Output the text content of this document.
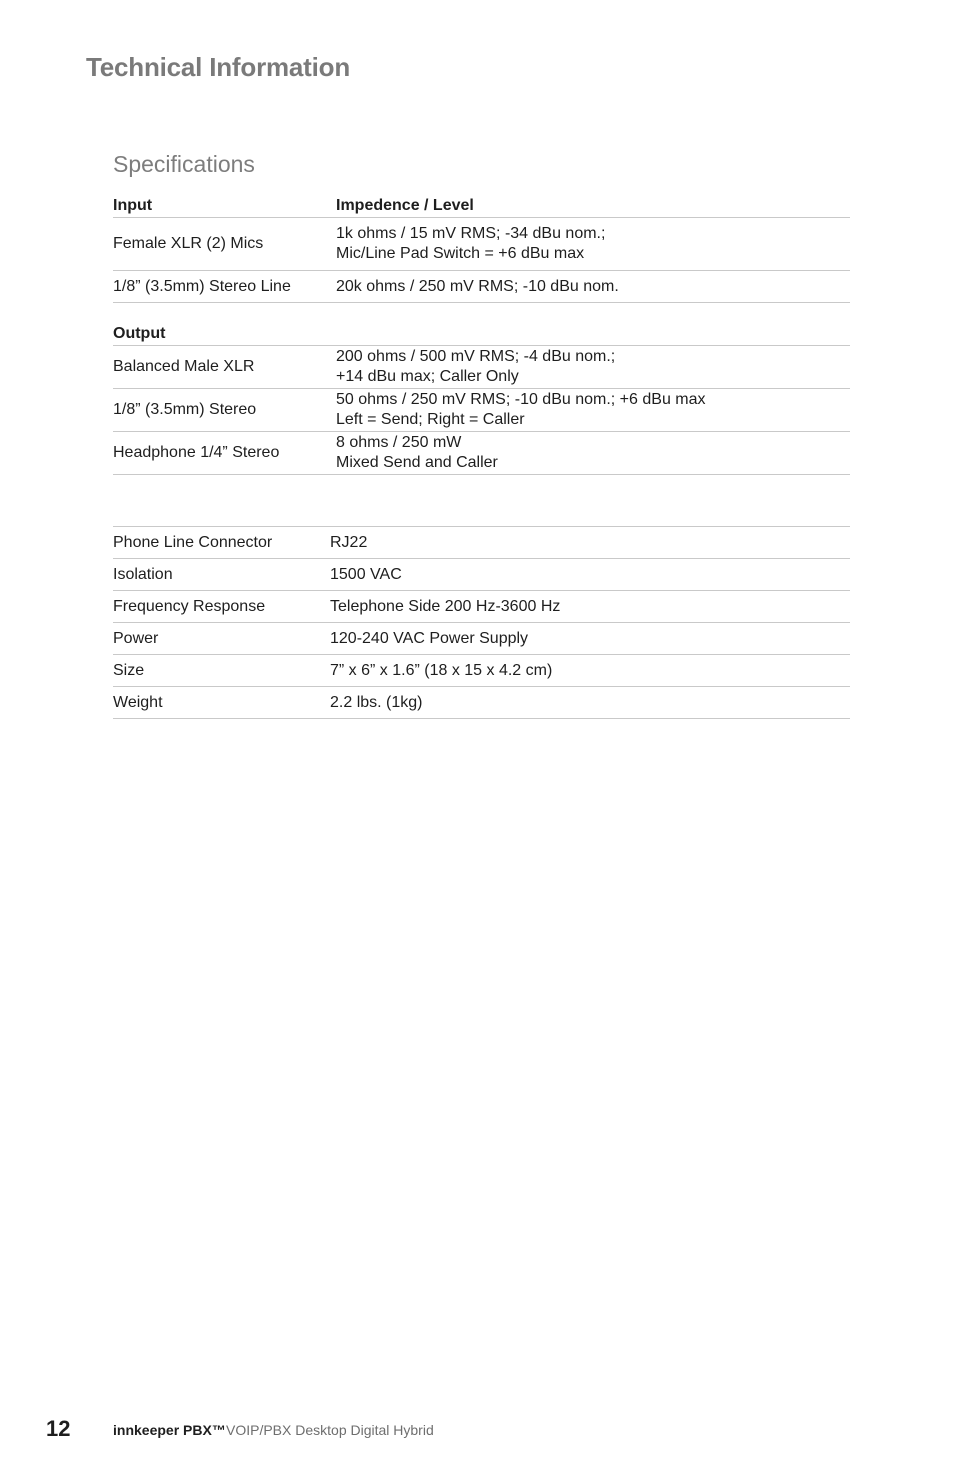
Technical Information
Specifications
Input	Impedence / Level
Female XLR (2) Mics	1k ohms / 15 mV RMS; -34 dBu nom.;
Mic/Line Pad Switch = +6 dBu max

1/8” (3.5mm) Stereo Line	20k ohms / 250 mV RMS; -10 dBu nom.

Output	
Balanced Male XLR	200 ohms / 500 mV RMS; -4 dBu nom.;
+14 dBu max; Caller Only

1/8” (3.5mm) Stereo	50 ohms / 250 mV RMS; -10 dBu nom.; +6 dBu max
Left = Send; Right = Caller

Headphone 1/4” Stereo	8 ohms / 250 mW
Mixed Send and Caller
Phone Line Connector	RJ22
Isolation	1500 VAC
Frequency Response	Telephone Side 200 Hz-3600 Hz
Power	120-240 VAC Power Supply
Size	7” x 6” x 1.6” (18 x 15 x 4.2 cm)
Weight	2.2 lbs. (1kg)
12	innkeeper PBX™ VOIP/PBX Desktop Digital Hybrid
